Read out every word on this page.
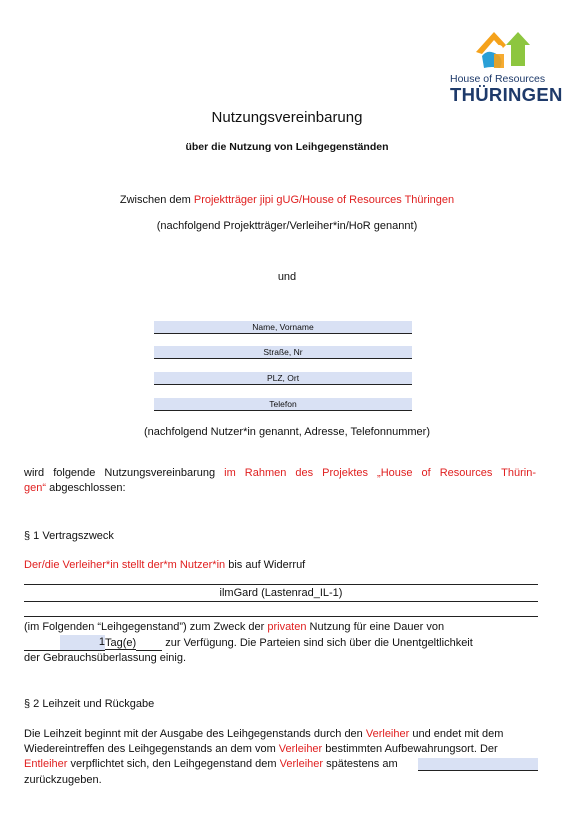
House of Resources
THÜRINGEN
Nutzungsvereinbarung
über die Nutzung von Leihgegenständen
Zwischen dem Projektträger jipi gUG/House of Resources Thüringen
(nachfolgend Projektträger/Verleiher*in/HoR genannt)
und
Name, Vorname
Straße, Nr
PLZ, Ort
Telefon
(nachfolgend Nutzer*in genannt, Adresse, Telefonnummer)
wird folgende Nutzungsvereinbarung im Rahmen des Projektes „House of Resources Thürin-
gen“ abgeschlossen:
§ 1 Vertragszweck
Der/die Verleiher*in stellt der*m Nutzer*in bis auf Widerruf
ilmGard (Lastenrad_IL-1)
(im Folgenden “Leihgegenstand”) zum Zweck der privaten Nutzung für eine Dauer von
1Tag(e) zur Verfügung. Die Parteien sind sich über die Unentgeltlichkeit
der Gebrauchsüberlassung einig.
§ 2 Leihzeit und Rückgabe
Die Leihzeit beginnt mit der Ausgabe des Leihgegenstands durch den Verleiher und endet mit dem
Wiedereintreffen des Leihgegenstands an dem vom Verleiher bestimmten Aufbewahrungsort. Der
Entleiher verpflichtet sich, den Leihgegenstand dem Verleiher spätestens am
zurückzugeben.
